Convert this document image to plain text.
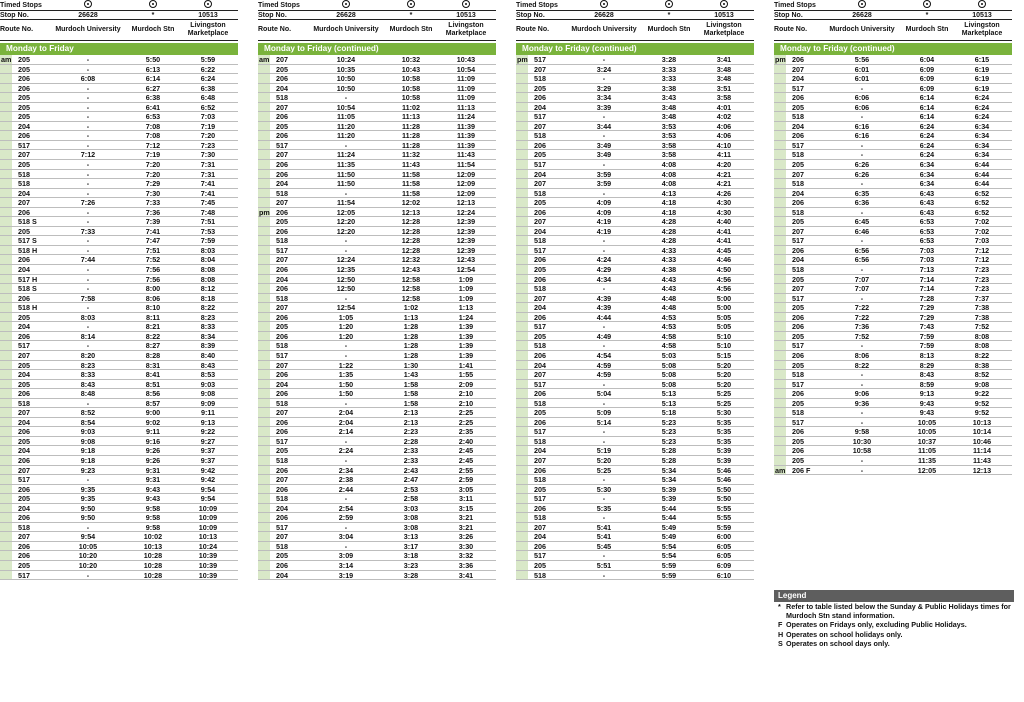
Timed Stops			
Stop No.	26628	*	10513
Route No.	Murdoch University	Murdoch Stn	Livingston Marketplace
Monday to Friday
am 205	-	5:50	5:59
205	-	6:13	6:22
206	6:08	6:14	6:24
206	-	6:27	6:38
205	-	6:38	6:48
205	-	6:41	6:52
205	-	6:53	7:03
204	-	7:08	7:19
206	-	7:08	7:20
517	-	7:12	7:23
207	7:12	7:19	7:30
205	-	7:20	7:31
518	-	7:20	7:31
518	-	7:29	7:41
204	-	7:30	7:41
207	7:26	7:33	7:45
206	-	7:36	7:48
518 S	-	7:39	7:51
205	7:33	7:41	7:53
517 S	-	7:47	7:59
518 H	-	7:51	8:03
206	7:44	7:52	8:04
204	-	7:56	8:08
517 H	-	7:56	8:08
518 S	-	8:00	8:12
206	7:58	8:06	8:18
518 H	-	8:10	8:22
205	8:03	8:11	8:23
204	-	8:21	8:33
206	8:14	8:22	8:34
517	-	8:27	8:39
207	8:20	8:28	8:40
205	8:23	8:31	8:43
204	8:33	8:41	8:53
205	8:43	8:51	9:03
206	8:48	8:56	9:08
518	-	8:57	9:09
207	8:52	9:00	9:11
204	8:54	9:02	9:13
206	9:03	9:11	9:22
205	9:08	9:16	9:27
204	9:18	9:26	9:37
206	9:18	9:26	9:37
207	9:23	9:31	9:42
517	-	9:31	9:42
206	9:35	9:43	9:54
205	9:35	9:43	9:54
204	9:50	9:58	10:09
206	9:50	9:58	10:09
518	-	9:58	10:09
207	9:54	10:02	10:13
206	10:05	10:13	10:24
206	10:20	10:28	10:39
205	10:20	10:28	10:39
517	-	10:28	10:39
Timed Stops			
Stop No.	26628	*	10513
Route No.	Murdoch University	Murdoch Stn	Livingston Marketplace
Monday to Friday (continued)
am 207	10:24	10:32	10:43
205	10:35	10:43	10:54
206	10:50	10:58	11:09
204	10:50	10:58	11:09
518	-	10:58	11:09
207	10:54	11:02	11:13
206	11:05	11:13	11:24
205	11:20	11:28	11:39
206	11:20	11:28	11:39
517	-	11:28	11:39
207	11:24	11:32	11:43
206	11:35	11:43	11:54
206	11:50	11:58	12:09
204	11:50	11:58	12:09
518	-	11:58	12:09
207	11:54	12:02	12:13
pm 206	12:05	12:13	12:24
205	12:20	12:28	12:39
206	12:20	12:28	12:39
518	-	12:28	12:39
517	-	12:28	12:39
207	12:24	12:32	12:43
206	12:35	12:43	12:54
204	12:50	12:58	1:09
206	12:50	12:58	1:09
518	-	12:58	1:09
207	12:54	1:02	1:13
206	1:05	1:13	1:24
205	1:20	1:28	1:39
206	1:20	1:28	1:39
518	-	1:28	1:39
517	-	1:28	1:39
207	1:22	1:30	1:41
206	1:35	1:43	1:55
204	1:50	1:58	2:09
206	1:50	1:58	2:10
518	-	1:58	2:10
207	2:04	2:13	2:25
206	2:04	2:13	2:25
206	2:14	2:23	2:35
517	-	2:28	2:40
205	2:24	2:33	2:45
518	-	2:33	2:45
206	2:34	2:43	2:55
207	2:38	2:47	2:59
206	2:44	2:53	3:05
518	-	2:58	3:11
204	2:54	3:03	3:15
206	2:59	3:08	3:21
517	-	3:08	3:21
207	3:04	3:13	3:26
518	-	3:17	3:30
205	3:09	3:18	3:32
206	3:14	3:23	3:36
204	3:19	3:28	3:41
Timed Stops			
Stop No.	26628	*	10513
Route No.	Murdoch University	Murdoch Stn	Livingston Marketplace
Monday to Friday (continued)
pm 517	-	3:28	3:41
207	3:24	3:33	3:48
518	-	3:33	3:48
205	3:29	3:38	3:51
206	3:34	3:43	3:58
204	3:39	3:48	4:01
517	-	3:48	4:02
207	3:44	3:53	4:06
518	-	3:53	4:06
206	3:49	3:58	4:10
205	3:49	3:58	4:11
517	-	4:08	4:20
204	3:59	4:08	4:21
207	3:59	4:08	4:21
518	-	4:13	4:26
205	4:09	4:18	4:30
206	4:09	4:18	4:30
207	4:19	4:28	4:40
204	4:19	4:28	4:41
518	-	4:28	4:41
517	-	4:33	4:45
206	4:24	4:33	4:46
205	4:29	4:38	4:50
206	4:34	4:43	4:56
518	-	4:43	4:56
207	4:39	4:48	5:00
204	4:39	4:48	5:00
206	4:44	4:53	5:05
517	-	4:53	5:05
205	4:49	4:58	5:10
518	-	4:58	5:10
206	4:54	5:03	5:15
204	4:59	5:08	5:20
207	4:59	5:08	5:20
517	-	5:08	5:20
206	5:04	5:13	5:25
518	-	5:13	5:25
205	5:09	5:18	5:30
206	5:14	5:23	5:35
517	-	5:23	5:35
518	-	5:23	5:35
204	5:19	5:28	5:39
207	5:20	5:28	5:39
206	5:25	5:34	5:46
518	-	5:34	5:46
205	5:30	5:39	5:50
517	-	5:39	5:50
206	5:35	5:44	5:55
518	-	5:44	5:55
207	5:41	5:49	5:59
204	5:41	5:49	6:00
206	5:45	5:54	6:05
517	-	5:54	6:05
205	5:51	5:59	6:09
518	-	5:59	6:10
Timed Stops			
Stop No.	26628	*	10513
Route No.	Murdoch University	Murdoch Stn	Livingston Marketplace
Monday to Friday (continued)
pm 206	5:56	6:04	6:15
207	6:01	6:09	6:19
204	6:01	6:09	6:19
517	-	6:09	6:19
206	6:06	6:14	6:24
205	6:06	6:14	6:24
518	-	6:14	6:24
204	6:16	6:24	6:34
206	6:16	6:24	6:34
517	-	6:24	6:34
518	-	6:24	6:34
205	6:26	6:34	6:44
207	6:26	6:34	6:44
518	-	6:34	6:44
204	6:35	6:43	6:52
206	6:36	6:43	6:52
518	-	6:43	6:52
205	6:45	6:53	7:02
207	6:46	6:53	7:02
517	-	6:53	7:03
206	6:56	7:03	7:12
204	6:56	7:03	7:12
518	-	7:13	7:23
205	7:07	7:14	7:23
207	7:07	7:14	7:23
517	-	7:28	7:37
205	7:22	7:29	7:38
206	7:22	7:29	7:38
206	7:36	7:43	7:52
205	7:52	7:59	8:08
517	-	7:59	8:08
206	8:06	8:13	8:22
205	8:22	8:29	8:38
518	-	8:43	8:52
517	-	8:59	9:08
206	9:06	9:13	9:22
205	9:36	9:43	9:52
518	-	9:43	9:52
517	-	10:05	10:13
206	9:58	10:05	10:14
205	10:30	10:37	10:46
206	10:58	11:05	11:14
205	-	11:35	11:43
am 206 F	-	12:05	12:13
Legend
* Refer to table listed below the Sunday & Public Holidays times for Murdoch Stn stand information.
F Operates on Fridays only, excluding Public Holidays.
H Operates on school holidays only.
S Operates on school days only.
